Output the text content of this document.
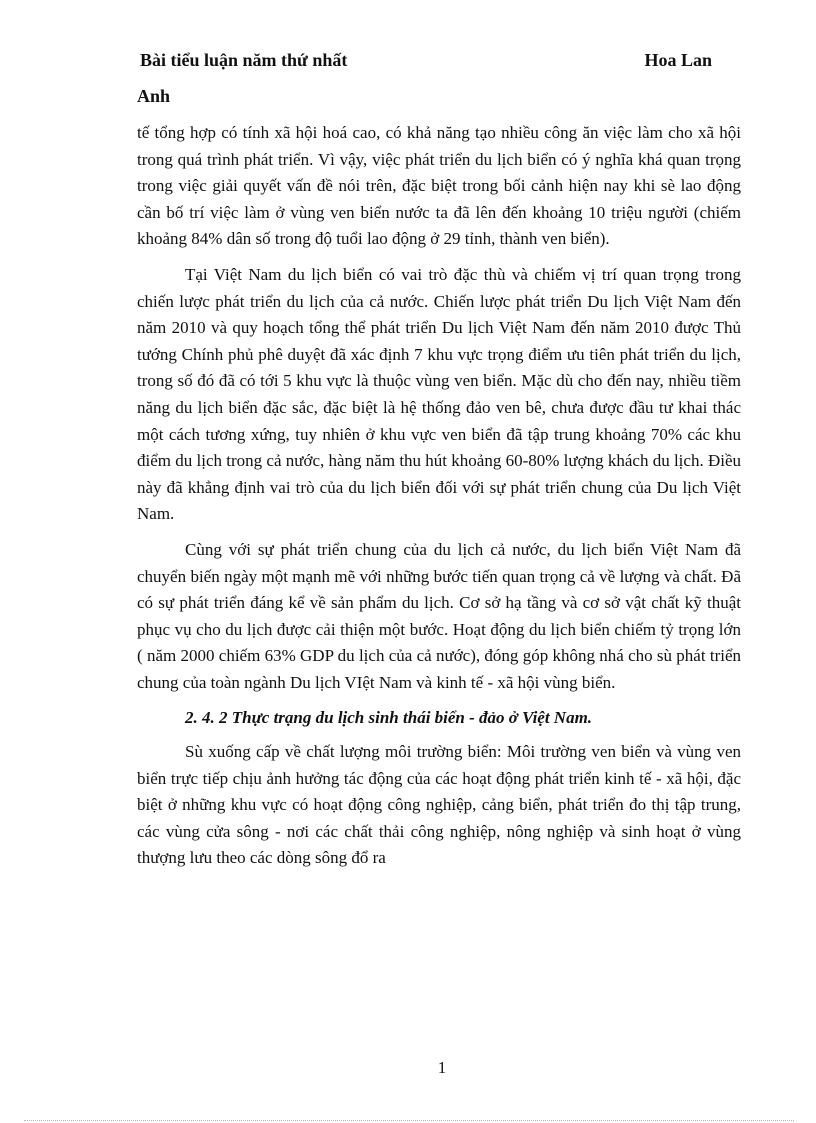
Bài tiểu luận năm thứ nhất	Hoa Lan
Anh

tế tổng hợp có tính xã hội hoá cao, có khả năng tạo nhiều công ăn việc làm cho xã hội trong quá trình phát triển. Vì vậy, việc phát triển du lịch biển có ý nghĩa khá quan trọng trong việc giải quyết vấn đề nói trên, đặc biệt trong bối cảnh hiện nay khi sè lao động cần bố trí việc làm ở vùng ven biển nước ta đã lên đến khoảng 10 triệu người (chiếm khoảng 84% dân số trong độ tuổi lao động ở 29 tỉnh, thành ven biển).

Tại Việt Nam du lịch biển có vai trò đặc thù và chiếm vị trí quan trọng trong chiến lược phát triển du lịch của cả nước. Chiến lược phát triển Du lịch Việt Nam đến năm 2010 và quy hoạch tổng thể phát triển Du lịch Việt Nam đến năm 2010 được Thủ tướng Chính phủ phê duyệt đã xác định 7 khu vực trọng điểm ưu tiên phát triển du lịch, trong số đó đã có tới 5 khu vực là thuộc vùng ven biển. Mặc dù cho đến nay, nhiều tiềm năng du lịch biển đặc sắc, đặc biệt là hệ thống đảo ven bê, chưa được đầu tư khai thác một cách tương xứng, tuy nhiên ở khu vực ven biển đã tập trung khoảng 70% các khu điểm du lịch trong cả nước, hàng năm thu hút khoảng 60-80% lượng khách du lịch. Điều này đã khẳng định vai trò của du lịch biển đối với sự phát triển chung của Du lịch Việt Nam.

Cùng với sự phát triển chung của du lịch cả nước, du lịch biển Việt Nam đã chuyển biến ngày một mạnh mẽ với những bước tiến quan trọng cả về lượng và chất. Đã có sự phát triển đáng kể về sản phẩm du lịch. Cơ sở hạ tầng và cơ sở vật chất kỹ thuật phục vụ cho du lịch được cải thiện một bước. Hoạt động du lịch biển chiếm tỷ trọng lớn ( năm 2000 chiếm 63% GDP du lịch của cả nước), đóng góp không nhá cho sù phát triển chung của toàn ngành Du lịch VIệt Nam và kinh tế - xã hội vùng biển.

2. 4. 2 Thực trạng du lịch sinh thái biển - đảo ở Việt Nam.

Sù xuống cấp về chất lượng môi trường biển: Môi trường ven biển và vùng ven biển trực tiếp chịu ảnh hưởng tác động của các hoạt động phát triển kinh tế - xã hội, đặc biệt ở những khu vực có hoạt động công nghiệp, cảng biển, phát triển đo thị tập trung, các vùng cửa sông - nơi các chất thải công nghiệp, nông nghiệp và sinh hoạt ở vùng thượng lưu theo các dòng sông đổ ra

1
